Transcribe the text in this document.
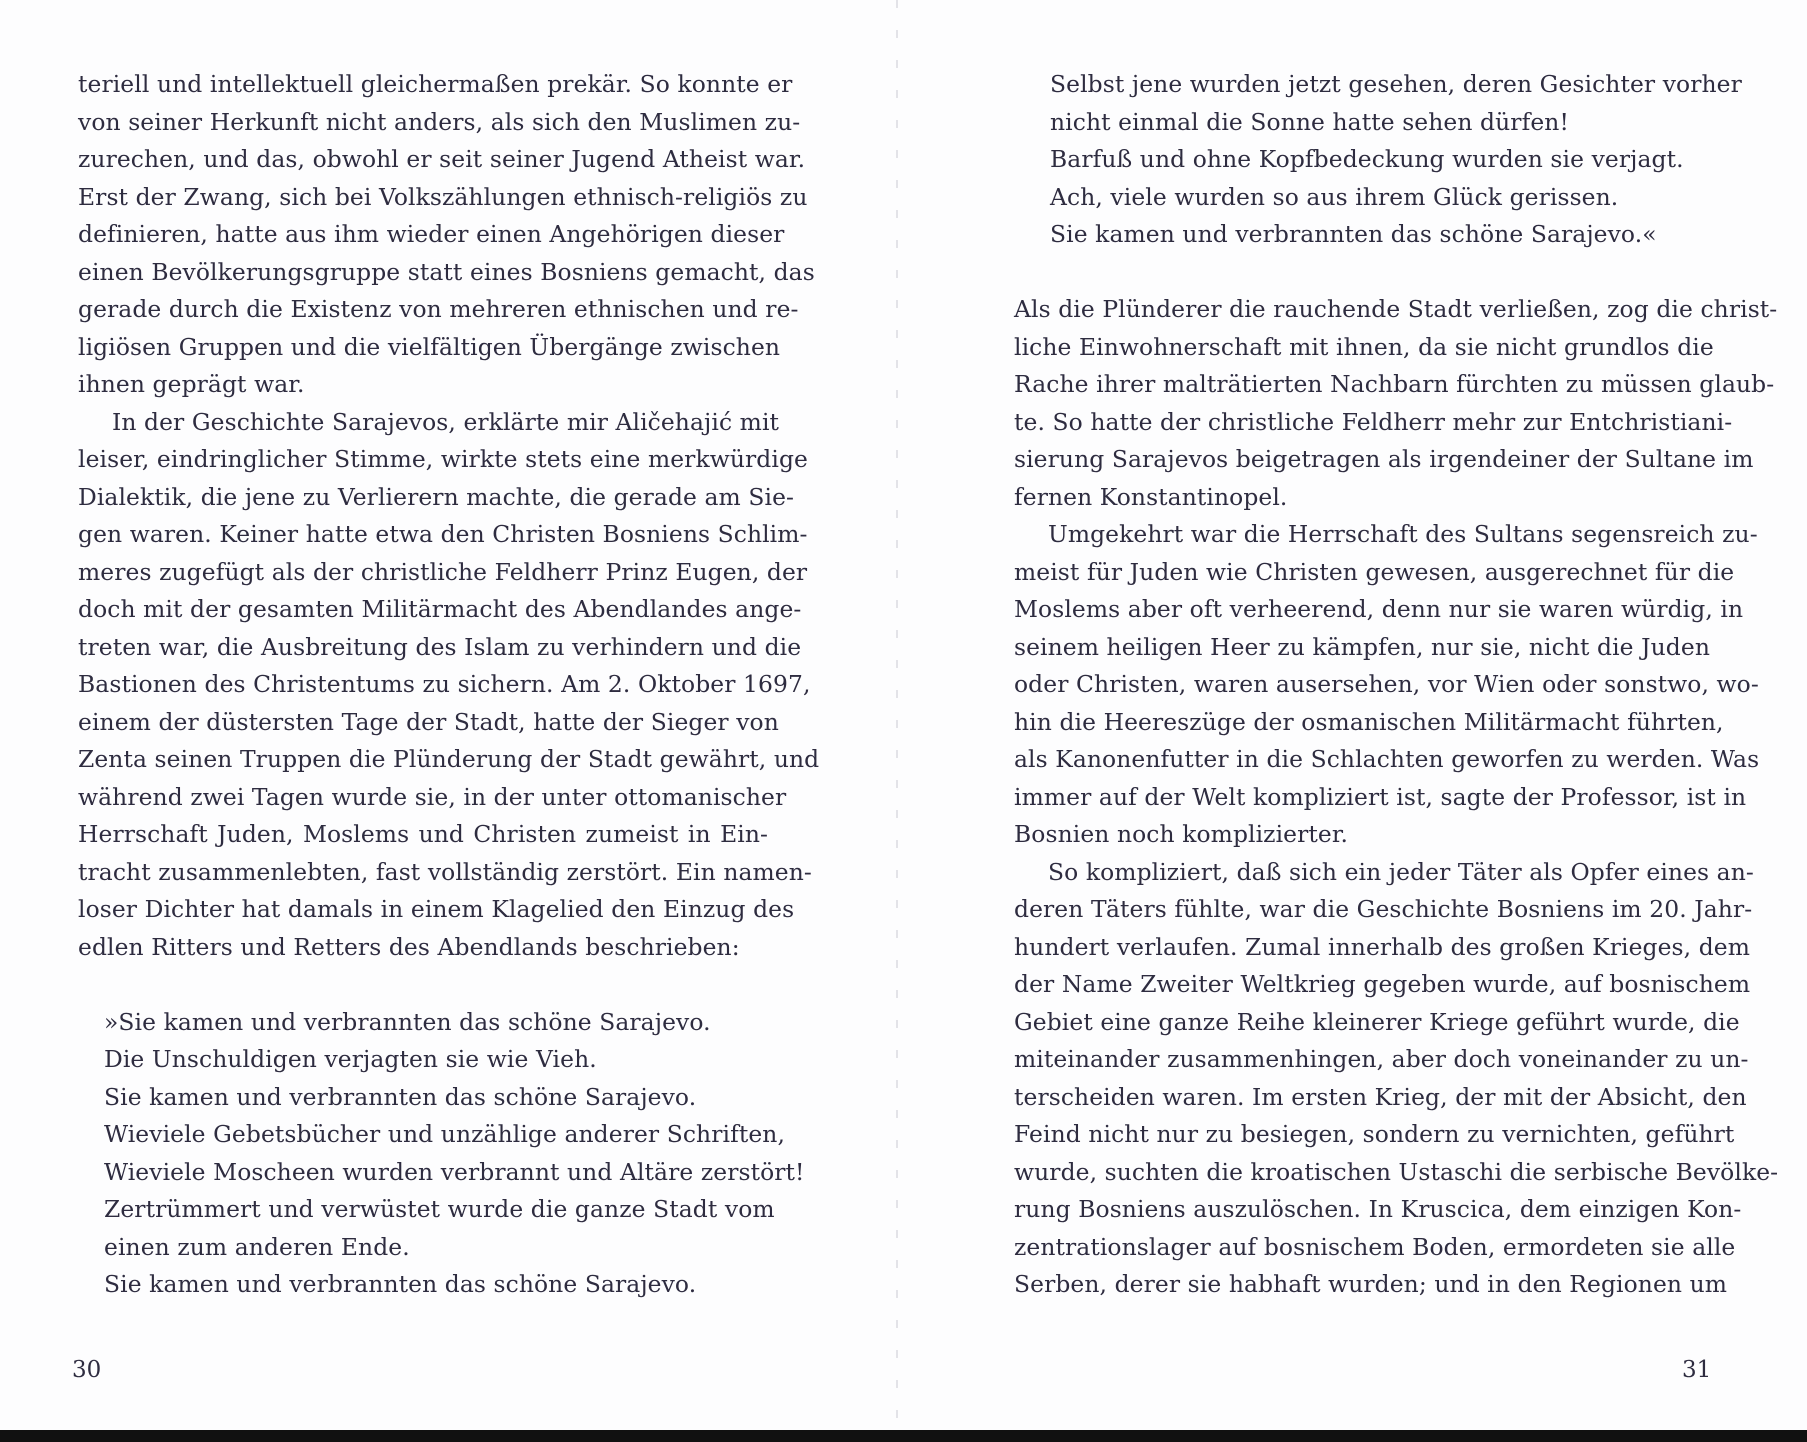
teriell und intellektuell gleichermaßen prekär. So konnte er
von seiner Herkunft nicht anders, als sich den Muslimen zu-
zurechen, und das, obwohl er seit seiner Jugend Atheist war.
Erst der Zwang, sich bei Volkszählungen ethnisch-religiös zu
definieren, hatte aus ihm wieder einen Angehörigen dieser
einen Bevölkerungsgruppe statt eines Bosniens gemacht, das
gerade durch die Existenz von mehreren ethnischen und re-
ligiösen Gruppen und die vielfältigen Übergänge zwischen
ihnen geprägt war.
In der Geschichte Sarajevos, erklärte mir Aličehajić mit
leiser, eindringlicher Stimme, wirkte stets eine merkwürdige
Dialektik, die jene zu Verlierern machte, die gerade am Sie-
gen waren. Keiner hatte etwa den Christen Bosniens Schlim-
meres zugefügt als der christliche Feldherr Prinz Eugen, der
doch mit der gesamten Militärmacht des Abendlandes ange-
treten war, die Ausbreitung des Islam zu verhindern und die
Bastionen des Christentums zu sichern. Am 2. Oktober 1697,
einem der düstersten Tage der Stadt, hatte der Sieger von
Zenta seinen Truppen die Plünderung der Stadt gewährt, und
während zwei Tagen wurde sie, in der unter ottomanischer
Herrschaft Juden, Moslems und Christen zumeist in Ein-
tracht zusammenlebten, fast vollständig zerstört. Ein namen-
loser Dichter hat damals in einem Klagelied den Einzug des
edlen Ritters und Retters des Abendlands beschrieben:
»Sie kamen und verbrannten das schöne Sarajevo.
Die Unschuldigen verjagten sie wie Vieh.
Sie kamen und verbrannten das schöne Sarajevo.
Wieviele Gebetsbücher und unzählige anderer Schriften,
Wieviele Moscheen wurden verbrannt und Altäre zerstört!
Zertrümmert und verwüstet wurde die ganze Stadt vom
einen zum anderen Ende.
Sie kamen und verbrannten das schöne Sarajevo.
30
Selbst jene wurden jetzt gesehen, deren Gesichter vorher
nicht einmal die Sonne hatte sehen dürfen!
Barfuß und ohne Kopfbedeckung wurden sie verjagt.
Ach, viele wurden so aus ihrem Glück gerissen.
Sie kamen und verbrannten das schöne Sarajevo.«
Als die Plünderer die rauchende Stadt verließen, zog die christ-
liche Einwohnerschaft mit ihnen, da sie nicht grundlos die
Rache ihrer malträtierten Nachbarn fürchten zu müssen glaub-
te. So hatte der christliche Feldherr mehr zur Entchristiani-
sierung Sarajevos beigetragen als irgendeiner der Sultane im
fernen Konstantinopel.
Umgekehrt war die Herrschaft des Sultans segensreich zu-
meist für Juden wie Christen gewesen, ausgerechnet für die
Moslems aber oft verheerend, denn nur sie waren würdig, in
seinem heiligen Heer zu kämpfen, nur sie, nicht die Juden
oder Christen, waren ausersehen, vor Wien oder sonstwo, wo-
hin die Heereszüge der osmanischen Militärmacht führten,
als Kanonenfutter in die Schlachten geworfen zu werden. Was
immer auf der Welt kompliziert ist, sagte der Professor, ist in
Bosnien noch komplizierter.
So kompliziert, daß sich ein jeder Täter als Opfer eines an-
deren Täters fühlte, war die Geschichte Bosniens im 20. Jahr-
hundert verlaufen. Zumal innerhalb des großen Krieges, dem
der Name Zweiter Weltkrieg gegeben wurde, auf bosnischem
Gebiet eine ganze Reihe kleinerer Kriege geführt wurde, die
miteinander zusammenhingen, aber doch voneinander zu un-
terscheiden waren. Im ersten Krieg, der mit der Absicht, den
Feind nicht nur zu besiegen, sondern zu vernichten, geführt
wurde, suchten die kroatischen Ustaschi die serbische Bevölke-
rung Bosniens auszulöschen. In Kruscica, dem einzigen Kon-
zentrationslager auf bosnischem Boden, ermordeten sie alle
Serben, derer sie habhaft wurden; und in den Regionen um
31
